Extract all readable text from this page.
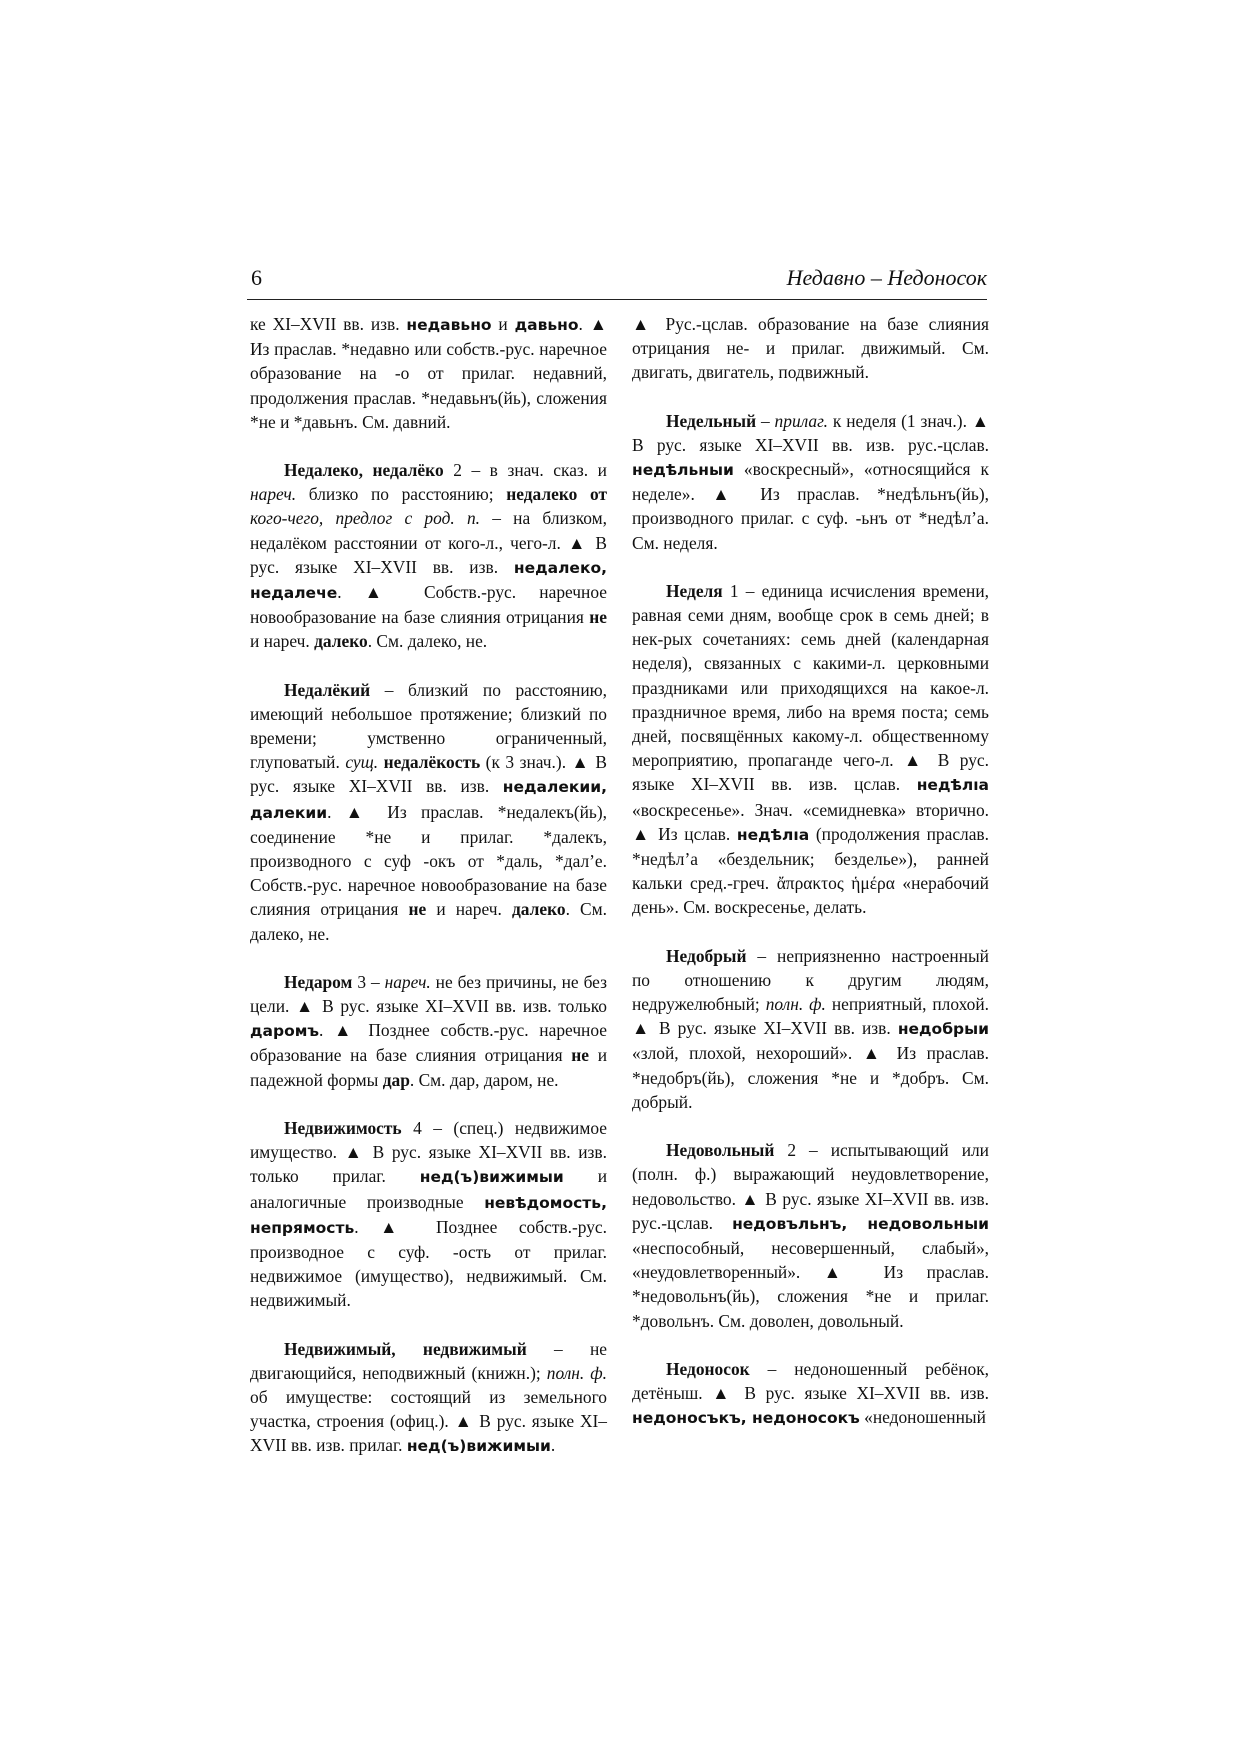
6	Недавно – Недоносок

ке XI–XVII вв. изв. недавьно и давьно. ▲ Из праслав. *недавно или собств.-рус. наречное образование на -о от прилаг. недавний, продолжения праслав. *недавьнъ(йь), сложения *не и *давьнъ. См. давний.

Недалеко, недалёко 2 – в знач. сказ. и нареч. близко по расстоянию; недалеко от кого-чего, предлог с род. п. – на близком, недалёком расстоянии от кого-л., чего-л. ▲ В рус. языке XI–XVII вв. изв. недалеко, недалече. ▲ Собств.-рус. наречное новообразование на базе слияния отрицания не и нареч. далеко. См. далеко, не.

Недалёкий – близкий по расстоянию, имеющий небольшое протяжение; близкий по времени; умственно ограниченный, глуповатый. сущ. недалёкость (к 3 знач.). ▲ В рус. языке XI–XVII вв. изв. недалекии, далекии. ▲ Из праслав. *недалекъ(йь), соединение *не и прилаг. *далекъ, производного с суф -окъ от *даль, *дал’е. Собств.-рус. наречное новообразование на базе слияния отрицания не и нареч. далеко. См. далеко, не.

Недаром 3 – нареч. не без причины, не без цели. ▲ В рус. языке XI–XVII вв. изв. только даромъ. ▲ Позднее собств.-рус. наречное образование на базе слияния отрицания не и падежной формы дар. См. дар, даром, не.

Недвижимость 4 – (спец.) недвижимое имущество. ▲ В рус. языке XI–XVII вв. изв. только прилаг. нед(ъ)вижимыи и аналогичные производные невѣдомость, непрямость. ▲ Позднее собств.-рус. производное с суф. -ость от прилаг. недвижимое (имущество), недвижимый. См. недвижимый.

Недвижимый, недвижимый – не двигающийся, неподвижный (книжн.); полн. ф. об имуществе: состоящий из земельного участка, строения (офиц.). ▲ В рус. языке XI–XVII вв. изв. прилаг. нед(ъ)вижимыи.

▲ Рус.-цслав. образование на базе слияния отрицания не- и прилаг. движимый. См. двигать, двигатель, подвижный.

Недельный – прилаг. к неделя (1 знач.). ▲ В рус. языке XI–XVII вв. изв. рус.-цслав. недѣльныи «воскресный», «относящийся к неделе». ▲ Из праслав. *недѣльнъ(йь), производного прилаг. с суф. -ьнъ от *недѣл’а. См. неделя.

Неделя 1 – единица исчисления времени, равная семи дням, вообще срок в семь дней; в нек-рых сочетаниях: семь дней (календарная неделя), связанных с какими-л. церковными праздниками или приходящихся на какое-л. праздничное время, либо на время поста; семь дней, посвящённых какому-л. общественному мероприятию, пропаганде чего-л. ▲ В рус. языке XI–XVII вв. изв. цслав. недѣлıа «воскресенье». Знач. «семидневка» вторично. ▲ Из цслав. недѣлıа (продолжения праслав. *недѣл’а «бездельник; безделье»), ранней кальки сред.-греч. ἄπρακτος ἡμέρα «нерабочий день». См. воскресенье, делать.

Недобрый – неприязненно настроенный по отношению к другим людям, недружелюбный; полн. ф. неприятный, плохой. ▲ В рус. языке XI–XVII вв. изв. недобрыи «злой, плохой, нехороший». ▲ Из праслав. *недобръ(йь), сложения *не и *добръ. См. добрый.

Недовольный 2 – испытывающий или (полн. ф.) выражающий неудовлетворение, недовольство. ▲ В рус. языке XI–XVII вв. изв. рус.-цслав. недовъльнъ, недовольныи «неспособный, несовершенный, слабый», «неудовлетворенный». ▲ Из праслав. *недовольнъ(йь), сложения *не и прилаг. *довольнъ. См. доволен, довольный.

Недоносок – недоношенный ребёнок, детёныш. ▲ В рус. языке XI–XVII вв. изв. недоносъкъ, недоносокъ «недоношенный
